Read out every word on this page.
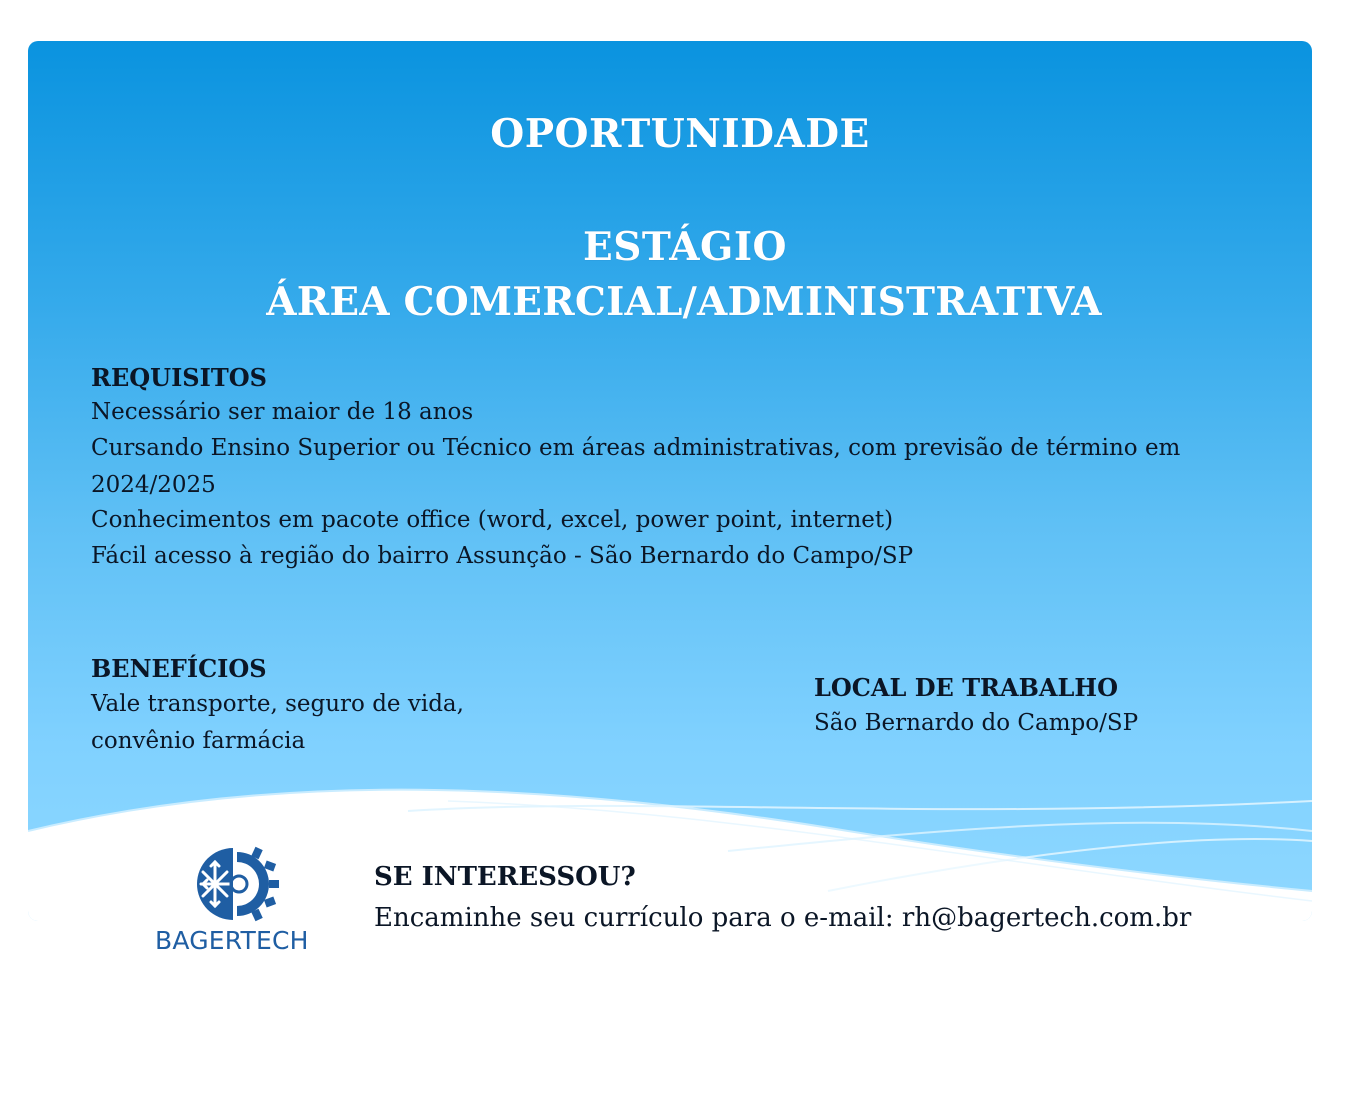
OPORTUNIDADE
ESTÁGIO
ÁREA COMERCIAL/ADMINISTRATIVA
REQUISITOS
Necessário ser maior de 18 anos
Cursando Ensino Superior ou Técnico em áreas administrativas, com previsão de término em
2024/2025
Conhecimentos em pacote office (word, excel, power point, internet)
Fácil acesso à região do bairro Assunção - São Bernardo do Campo/SP
BENEFÍCIOS
Vale transporte, seguro de vida,
convênio farmácia
LOCAL DE TRABALHO
São Bernardo do Campo/SP
BAGERTECH
SE INTERESSOU?
Encaminhe seu currículo para o e-mail: rh@bagertech.com.br
